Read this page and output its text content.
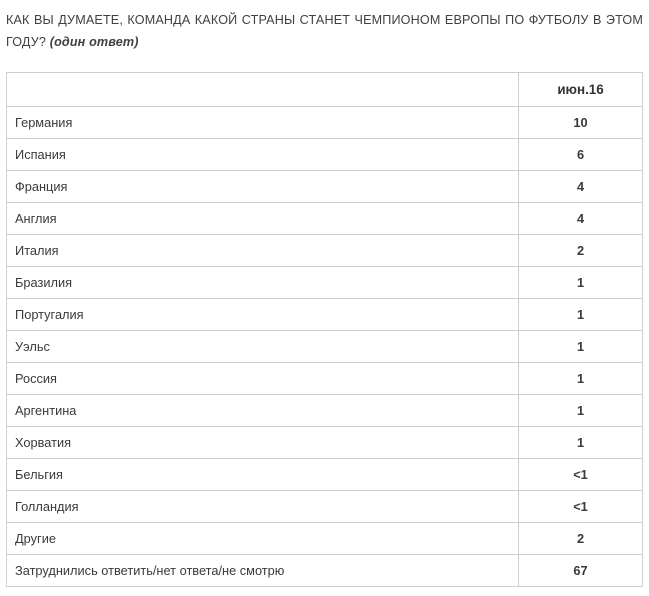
КАК ВЫ ДУМАЕТЕ, КОМАНДА КАКОЙ СТРАНЫ СТАНЕТ ЧЕМПИОНОМ ЕВРОПЫ ПО ФУТБОЛУ В ЭТОМ ГОДУ? (один ответ)
	июн.16
Германия	10
Испания	6
Франция	4
Англия	4
Италия	2
Бразилия	1
Португалия	1
Уэльс	1
Россия	1
Аргентина	1
Хорватия	1
Бельгия	<1
Голландия	<1
Другие	2
Затруднились ответить/нет ответа/не смотрю	67
